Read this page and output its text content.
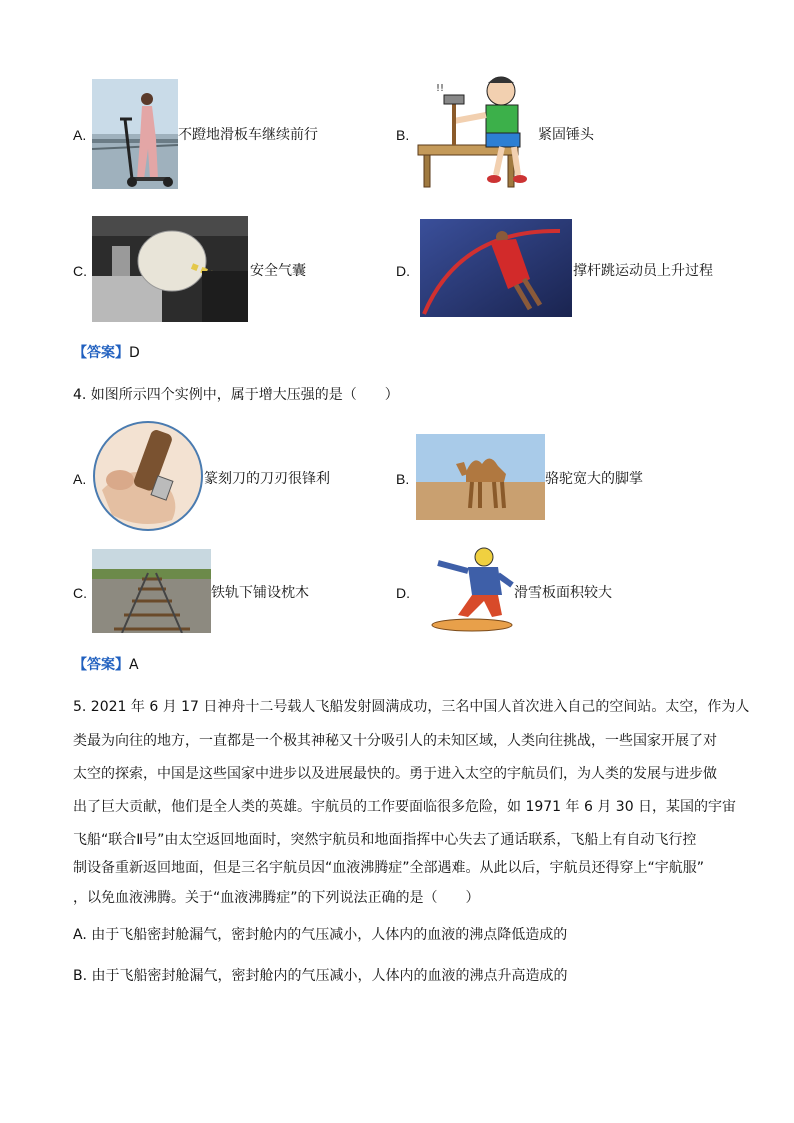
A.	不蹬地滑板车继续前行	B.
!!
紧固锤头
C.	安全气囊	D.	撑杆跳运动员上升过程
【答案】D
4. 如图所示四个实例中，属于增大压强的是（　　）
A.	篆刻刀的刀刃很锋利	B.	骆驼宽大的脚掌
C.	铁轨下铺设枕木	D.	滑雪板面积较大
【答案】A
5. 2021 年 6 月 17 日神舟十二号载人飞船发射圆满成功，三名中国人首次进入自己的空间站。太空，作为人
类最为向往的地方，一直都是一个极其神秘又十分吸引人的未知区域，人类向往挑战，一些国家开展了对
太空的探索，中国是这些国家中进步以及进展最快的。勇于进入太空的宇航员们，为人类的发展与进步做
出了巨大贡献，他们是全人类的英雄。宇航员的工作要面临很多危险，如 1971 年 6 月 30 日，某国的宇宙
飞船“联合Ⅱ号”由太空返回地面时，突然宇航员和地面指挥中心失去了通话联系，飞船上有自动飞行控
制设备重新返回地面，但是三名宇航员因“血液沸腾症”全部遇难。从此以后，宇航员还得穿上“宇航服”
，以免血液沸腾。关于“血液沸腾症”的下列说法正确的是（　　）
A. 由于飞船密封舱漏气，密封舱内的气压减小，人体内的血液的沸点降低造成的
B. 由于飞船密封舱漏气，密封舱内的气压减小，人体内的血液的沸点升高造成的
